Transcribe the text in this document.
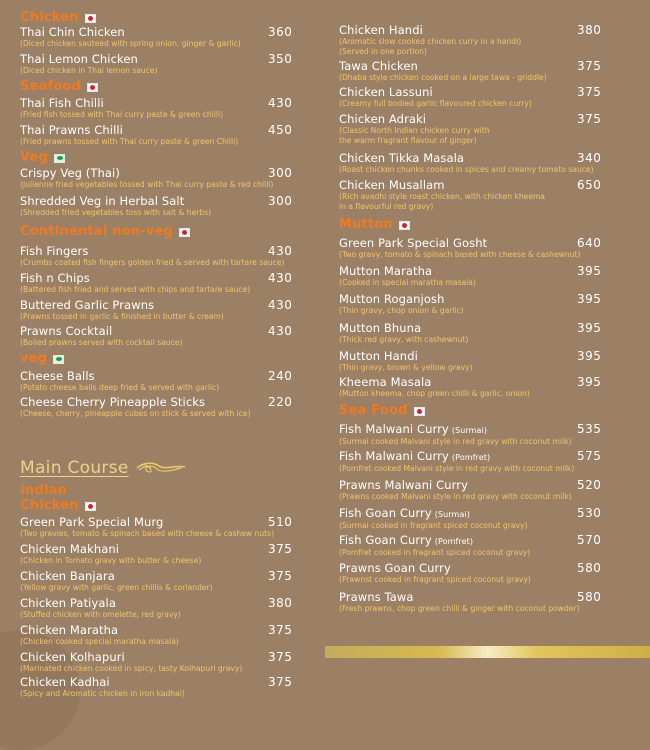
Chicken
Thai Chin Chicken	360
(Diced chicken sauteed with spring onion, ginger & garlic)
Thai Lemon Chicken	350
(Diced chicken in Thai lemon sauce)
Seafood
Thai Fish Chilli	430
(Fried fish tossed with Thai curry paste & green chilli)
Thai Prawns Chilli	450
(Fried prawns tossed with Thai curry paste & green Chilli)
Veg
Crispy Veg (Thai)	300
(Julienne fried vegetables tossed with Thai curry paste & red chilli)
Shredded Veg in Herbal Salt	300
(Shredded fried vegetables toss with salt & herbs)
Continental non-veg
Fish Fingers	430
(Crumbs coated fish fingers golden fried & served with tartare sauce)
Fish n Chips	430
(Battered fish fried and served with chips and tartare sauce)
Buttered Garlic Prawns	430
(Prawns tossed in garlic & finished in butter & cream)
Prawns Cocktail	430
(Boiled prawns served with cocktail sauce)
veg
Cheese Balls	240
(Potato cheese balls deep fried & served with garlic)
Cheese Cherry Pineapple Sticks	220
(Cheese, cherry, pineapple cubes on stick & served with ice)
Main Course
Indian
Chicken
Green Park Special Murg	510
(Two gravies, tomato & spinach based with cheese & cashew nuts)
Chicken Makhani	375
(Chicken in Tomato gravy with butter & cheese)
Chicken Banjara	375
(Yellow gravy with garlic, green chillis & coriander)
Chicken Patiyala	380
(Stuffed chicken with omelette, red gravy)
Chicken Maratha	375
(Chicken cooked special maratha masala)
Chicken Kolhapuri	375
(Marinated chicken cooked in spicy, tasty Kolhapuri gravy)
Chicken Kadhai	375
(Spicy and Aromatic chicken in iron kadhai)
Chicken Handi	380
(Aromatic slow cooked chicken curry in a handi)
(Served in one portion)
Tawa Chicken	375
(Dhaba style chicken cooked on a large tawa - griddle)
Chicken Lassuni	375
(Creamy full bodied garlic flavoured chicken curry)
Chicken Adraki	375
(Classic North Indian chicken curry with
the warm fragrant flavour of ginger)
Chicken Tikka Masala	340
(Roast chicken chunks cooked in spices and creamy tomato sauce)
Chicken Musallam	650
(Rich avadhi style roast chicken, with chicken kheema
in a flavourful red gravy)
Mutton
Green Park Special Gosht	640
(Two gravy, tomato & spinach based with cheese & cashewnut)
Mutton Maratha	395
(Cooked in special maratha masala)
Mutton Roganjosh	395
(Thin gravy, chop onion & garlic)
Mutton Bhuna	395
(Thick red gravy, with cashewnut)
Mutton Handi	395
(Thin gravy, brown & yellow gravy)
Kheema Masala	395
(Mutton kheema, chop green chilli & garlic, onion)
Sea Food
Fish Malwani Curry (Surmai)	535
(Surmai cooked Malvani style in red gravy with coconut milk)
Fish Malwani Curry (Pomfret)	575
(Pomfret cooked Malvani style in red gravy with coconut milk)
Prawns Malwani Curry	520
(Prawns cooked Malvani style in red gravy with coconut milk)
Fish Goan Curry (Surmai)	530
(Surmai cooked in fragrant spiced coconut gravy)
Fish Goan Curry (Pomfret)	570
(Pomfret cooked in fragrant spiced coconut gravy)
Prawns Goan Curry	580
(Prawnst cooked in fragrant spiced coconut gravy)
Prawns Tawa	580
(Fresh prawns, chop green chilli & ginger with coconut powder)
